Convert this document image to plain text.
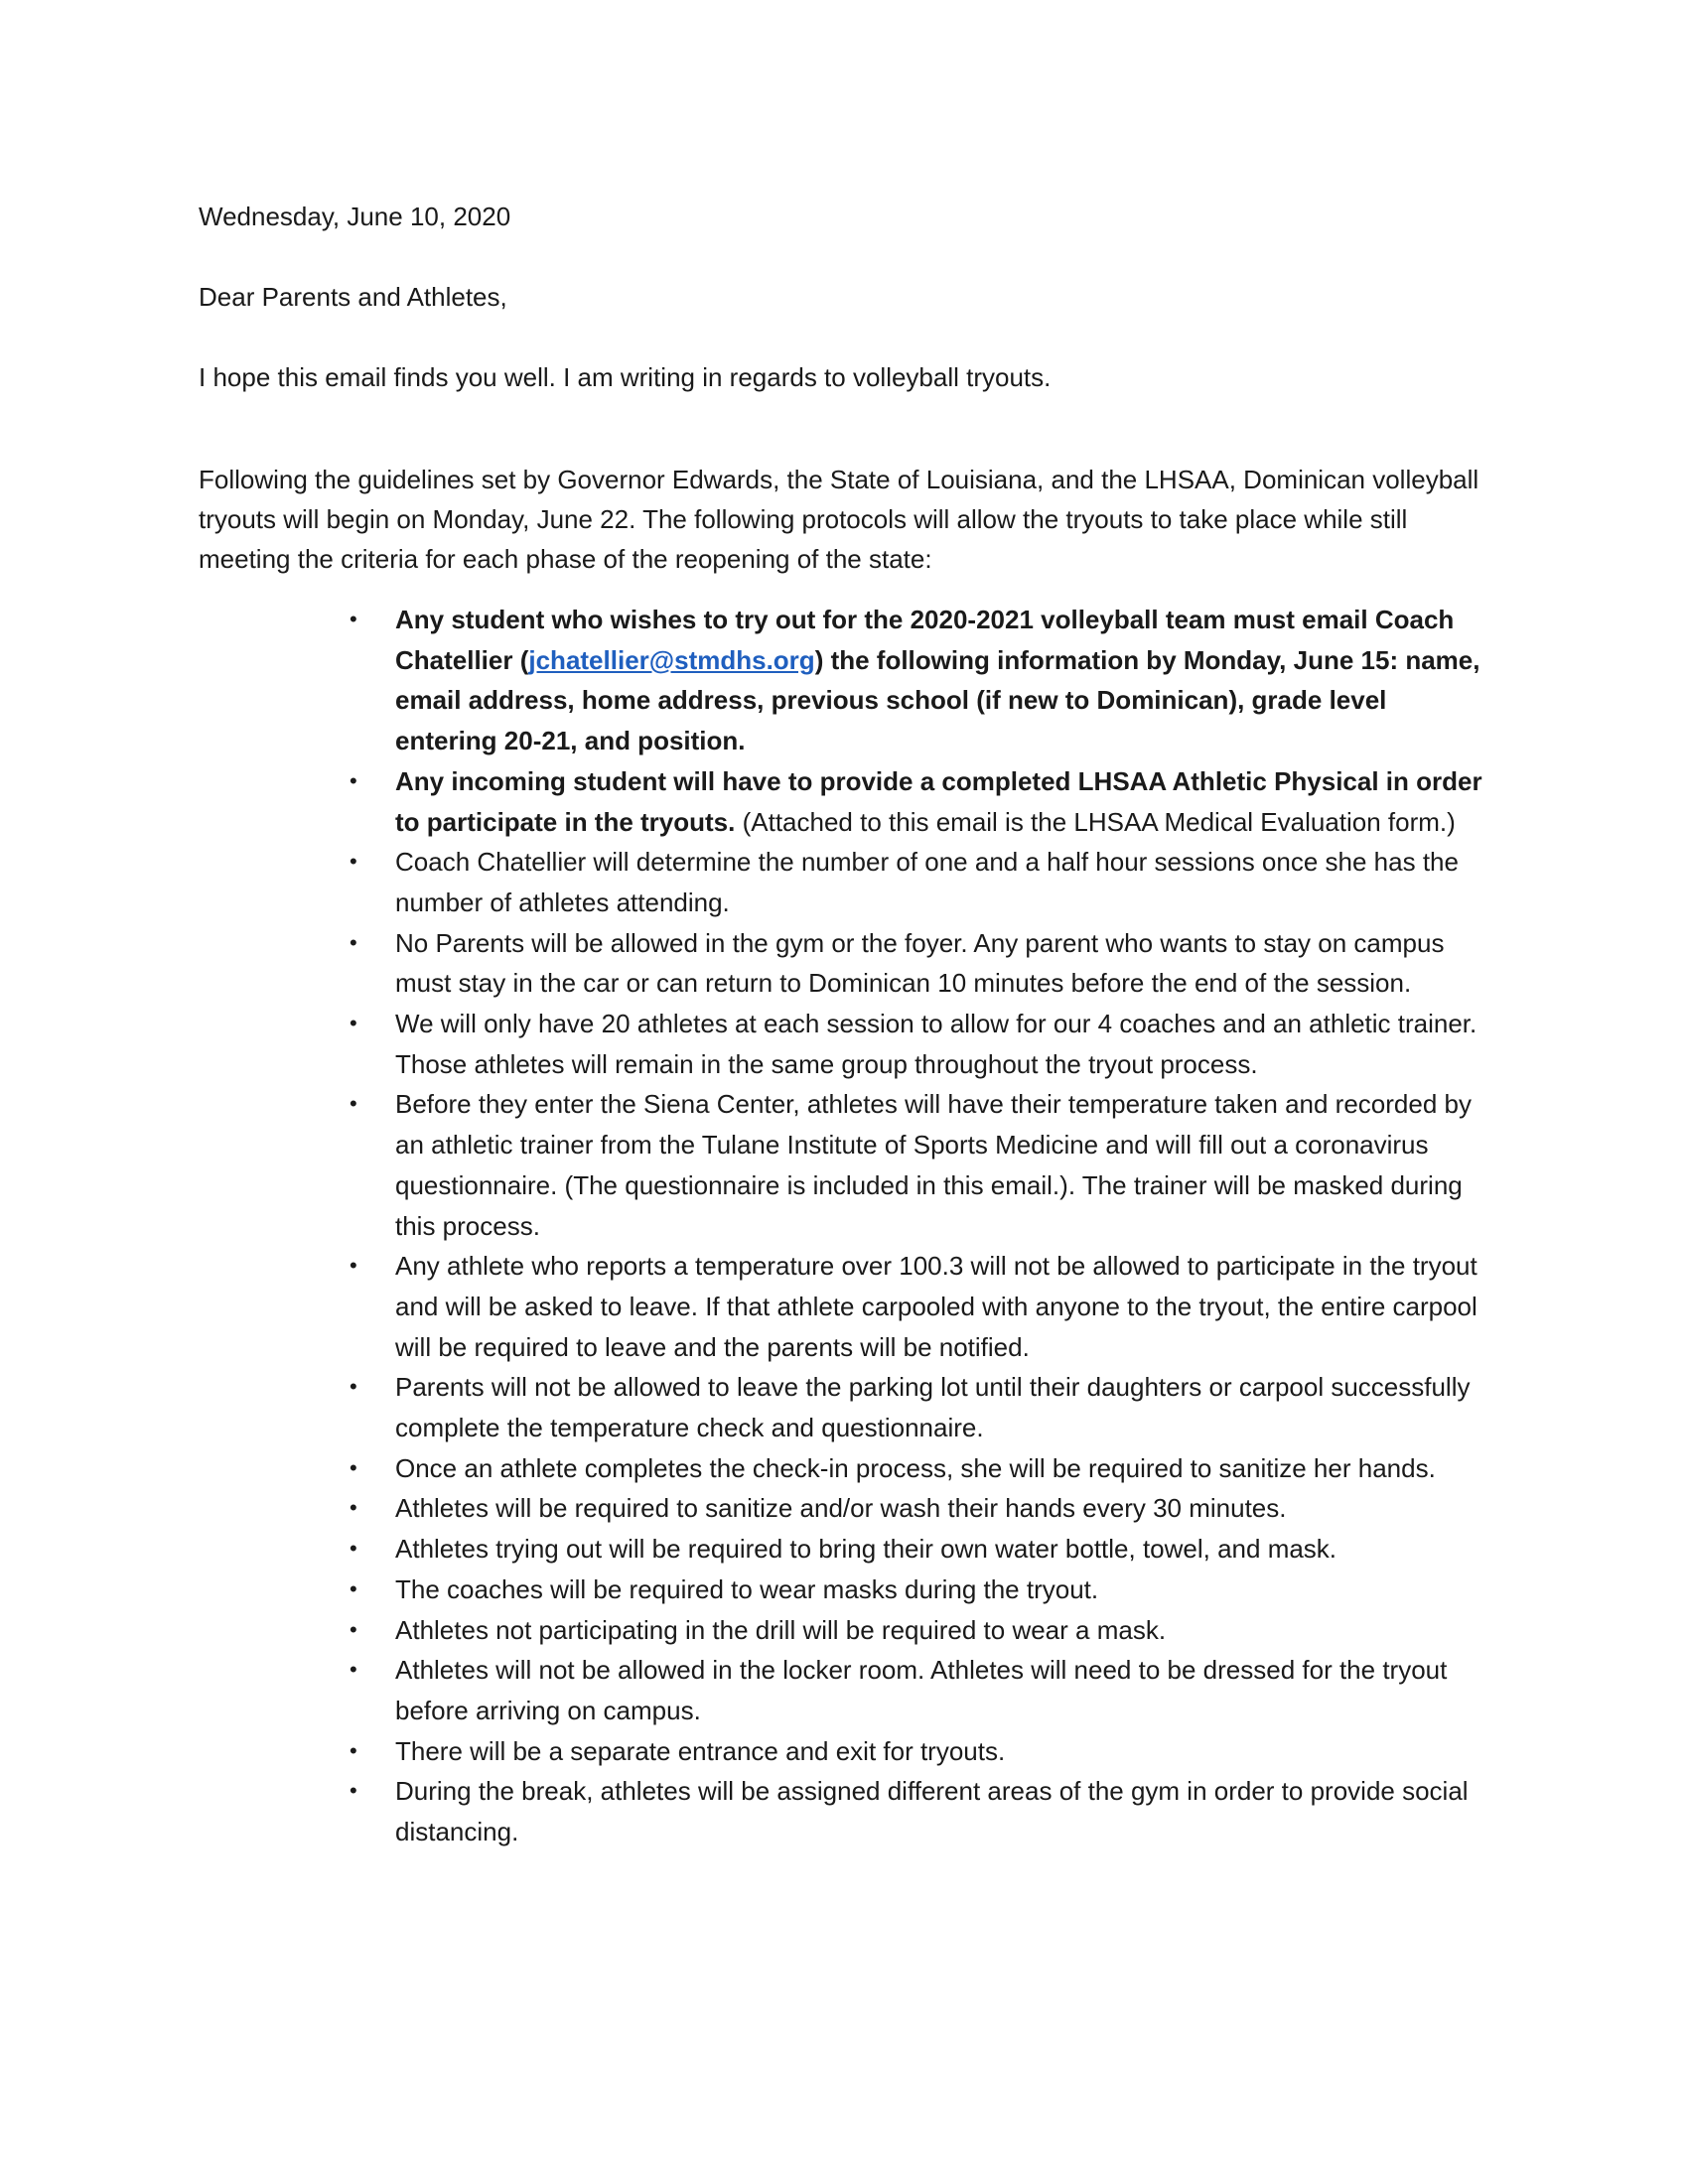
Wednesday, June 10, 2020

Dear Parents and Athletes,

I hope this email finds you well. I am writing in regards to volleyball tryouts.

Following the guidelines set by Governor Edwards, the State of Louisiana, and the LHSAA, Dominican volleyball tryouts will begin on Monday, June 22. The following protocols will allow the tryouts to take place while still meeting the criteria for each phase of the reopening of the state:

• Any student who wishes to try out for the 2020-2021 volleyball team must email Coach Chatellier (jchatellier@stmdhs.org) the following information by Monday, June 15: name, email address, home address, previous school (if new to Dominican), grade level entering 20-21, and position.
• Any incoming student will have to provide a completed LHSAA Athletic Physical in order to participate in the tryouts. (Attached to this email is the LHSAA Medical Evaluation form.)
• Coach Chatellier will determine the number of one and a half hour sessions once she has the number of athletes attending.
• No Parents will be allowed in the gym or the foyer. Any parent who wants to stay on campus must stay in the car or can return to Dominican 10 minutes before the end of the session.
• We will only have 20 athletes at each session to allow for our 4 coaches and an athletic trainer. Those athletes will remain in the same group throughout the tryout process.
• Before they enter the Siena Center, athletes will have their temperature taken and recorded by an athletic trainer from the Tulane Institute of Sports Medicine and will fill out a coronavirus questionnaire. (The questionnaire is included in this email.). The trainer will be masked during this process.
• Any athlete who reports a temperature over 100.3 will not be allowed to participate in the tryout and will be asked to leave. If that athlete carpooled with anyone to the tryout, the entire carpool will be required to leave and the parents will be notified.
• Parents will not be allowed to leave the parking lot until their daughters or carpool successfully complete the temperature check and questionnaire.
• Once an athlete completes the check-in process, she will be required to sanitize her hands.
• Athletes will be required to sanitize and/or wash their hands every 30 minutes.
• Athletes trying out will be required to bring their own water bottle, towel, and mask.
• The coaches will be required to wear masks during the tryout.
• Athletes not participating in the drill will be required to wear a mask.
• Athletes will not be allowed in the locker room. Athletes will need to be dressed for the tryout before arriving on campus.
• There will be a separate entrance and exit for tryouts.
• During the break, athletes will be assigned different areas of the gym in order to provide social distancing.
